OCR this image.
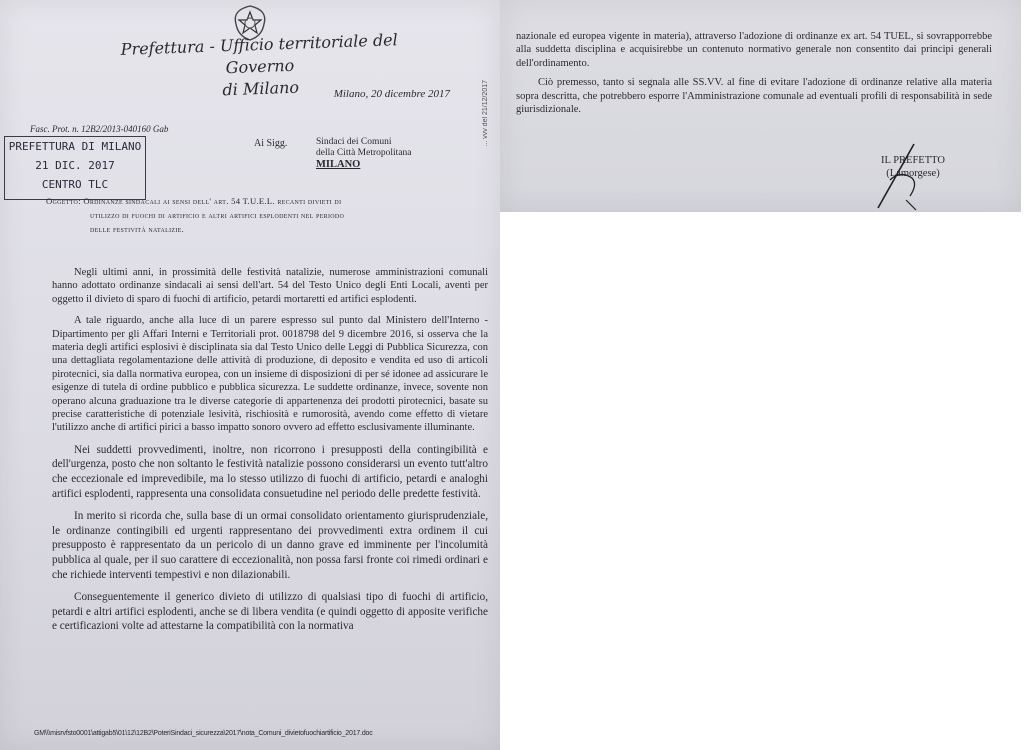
Prefettura - Ufficio territoriale del Governo
di Milano	Milano, 20 dicembre 2017
Fasc. Prot. n. 12B2/2013-040160 Gab
PREFETTURA DI MILANO
21 DIC. 2017
CENTRO TLC
Ai Sigg.	Sindaci dei Comuni
della Città Metropolitana
MILANO
Oggetto: Ordinanze sindacali ai sensi dell' art. 54 T.U.E.L. recanti divieti di
utilizzo di fuochi di artificio e altri artifici esplodenti nel periodo
delle festività natalizie.

Negli ultimi anni, in prossimità delle festività natalizie, numerose amministrazioni comunali hanno adottato ordinanze sindacali ai sensi dell'art. 54 del Testo Unico degli Enti Locali, aventi per oggetto il divieto di sparo di fuochi di artificio, petardi mortaretti ed artifici esplodenti.

A tale riguardo, anche alla luce di un parere espresso sul punto dal Ministero dell'Interno - Dipartimento per gli Affari Interni e Territoriali prot. 0018798 del 9 dicembre 2016, si osserva che la materia degli artifici esplosivi è disciplinata sia dal Testo Unico delle Leggi di Pubblica Sicurezza, con una dettagliata regolamentazione delle attività di produzione, di deposito e vendita ed uso di articoli pirotecnici, sia dalla normativa europea, con un insieme di disposizioni di per sé idonee ad assicurare le esigenze di tutela di ordine pubblico e pubblica sicurezza. Le suddette ordinanze, invece, sovente non operano alcuna graduazione tra le diverse categorie di appartenenza dei prodotti pirotecnici, basate su precise caratteristiche di potenziale lesività, rischiosità e rumorosità, avendo come effetto di vietare l'utilizzo anche di artifici pirici a basso impatto sonoro ovvero ad effetto esclusivamente illuminante.

Nei suddetti provvedimenti, inoltre, non ricorrono i presupposti della contingibilità e dell'urgenza, posto che non soltanto le festività natalizie possono considerarsi un evento tutt'altro che eccezionale ed imprevedibile, ma lo stesso utilizzo di fuochi di artificio, petardi e analoghi artifici esplodenti, rappresenta una consolidata consuetudine nel periodo delle predette festività.

In merito si ricorda che, sulla base di un ormai consolidato orientamento giurisprudenziale, le ordinanze contingibili ed urgenti rappresentano dei provvedimenti extra ordinem il cui presupposto è rappresentato da un pericolo di un danno grave ed imminente per l'incolumità pubblica al quale, per il suo carattere di eccezionalità, non possa farsi fronte coi rimedi ordinari e che richiede interventi tempestivi e non dilazionabili.

Conseguentemente il generico divieto di utilizzo di qualsiasi tipo di fuochi di artificio, petardi e altri artifici esplodenti, anche se di libera vendita (e quindi oggetto di apposite verifiche e certificazioni volte ad attestarne la compatibilità con la normativa

... vvv del 21/12/2017
GM\\\misrvfsto0001\attigab5\01\12\12B2\PoteriSindaci_sicurezza\2017\nota_Comuni_divietofuochiartificio_2017.doc

nazionale ed europea vigente in materia), attraverso l'adozione di ordinanze ex art. 54 TUEL, si sovrapporrebbe alla suddetta disciplina e acquisirebbe un contenuto normativo generale non consentito dai principi generali dell'ordinamento.

Ciò premesso, tanto si segnala alle SS.VV. al fine di evitare l'adozione di ordinanze relative alla materia sopra descritta, che potrebbero esporre l'Amministrazione comunale ad eventuali profili di responsabilità in sede giurisdizionale.

IL PREFETTO
(Lamorgese)
